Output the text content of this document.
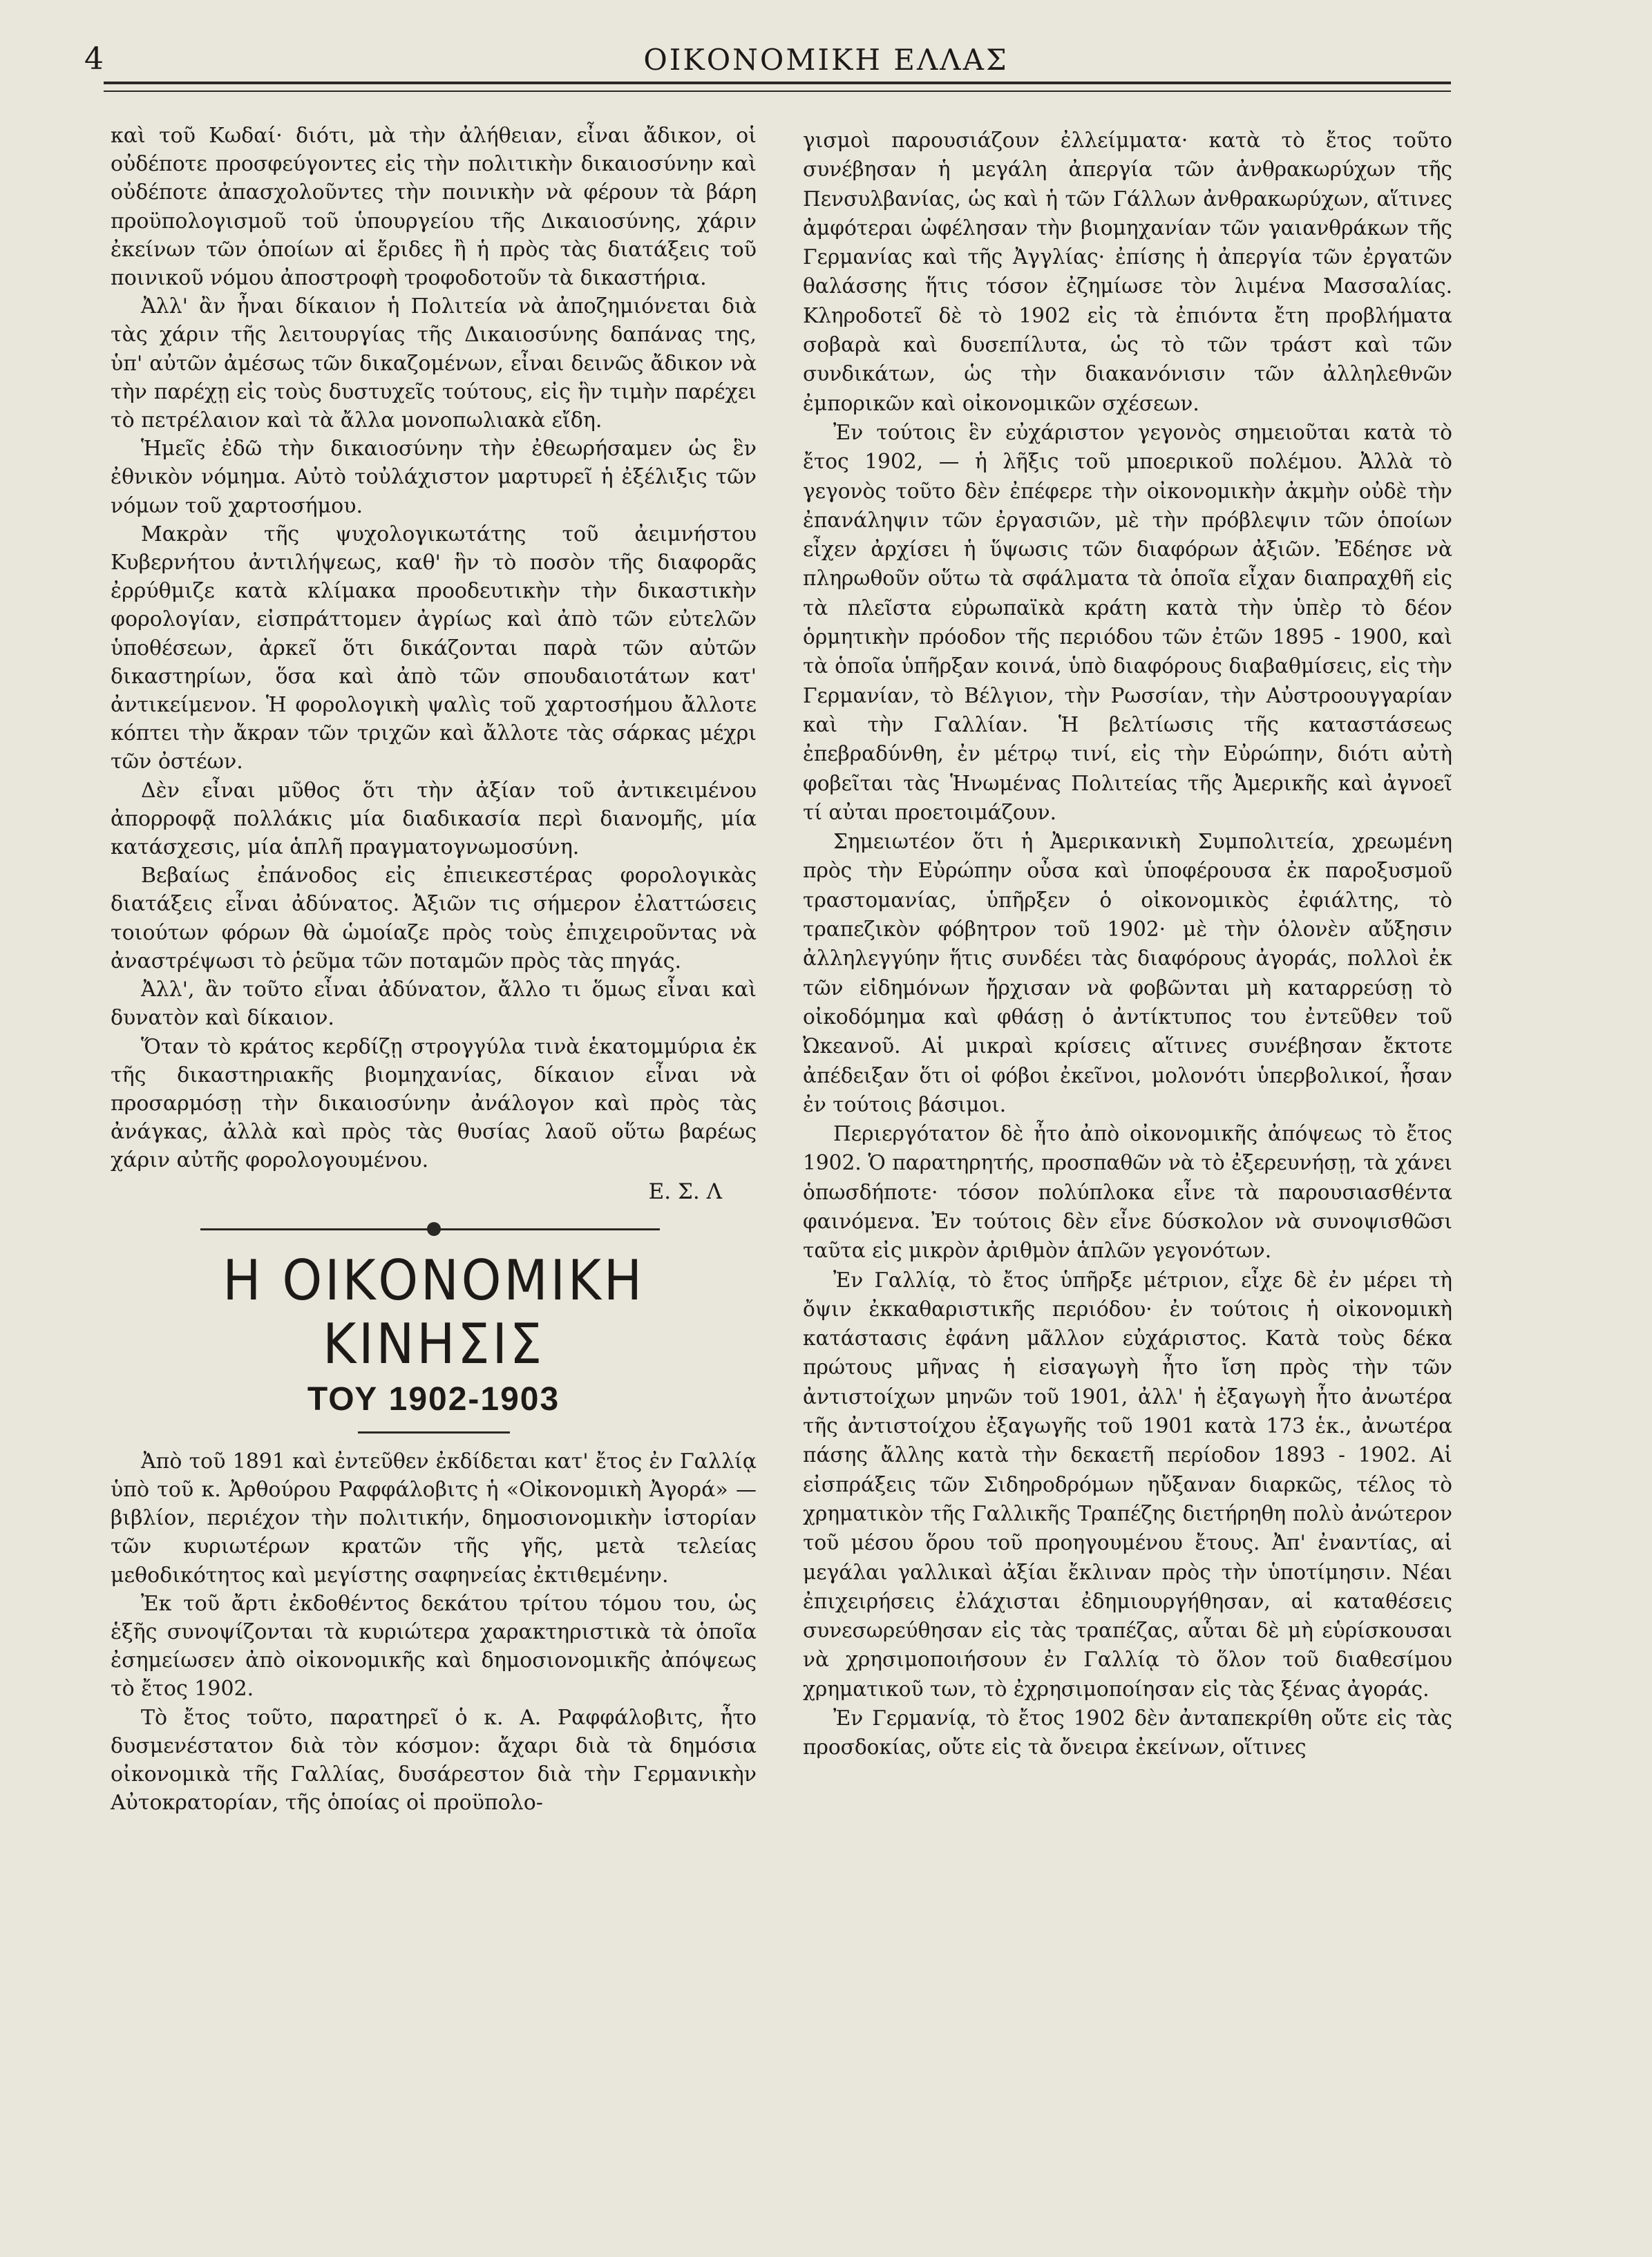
4	ΟΙΚΟΝΟΜΙΚΗ ΕΛΛΑΣ

καὶ τοῦ Κωδαί· διότι, μὰ τὴν ἀλήθειαν, εἶναι ἄδικον, οἱ οὐδέποτε προσφεύγοντες εἰς τὴν πολιτικὴν δικαιοσύνην καὶ οὐδέποτε ἀπασχολοῦντες τὴν ποινικὴν νὰ φέρουν τὰ βάρη προϋπολογισμοῦ τοῦ ὑπουργείου τῆς Δικαιοσύνης, χάριν ἐκείνων τῶν ὁποίων αἱ ἔριδες ἢ ἡ πρὸς τὰς διατάξεις τοῦ ποινικοῦ νόμου ἀποστροφὴ τροφοδοτοῦν τὰ δικαστήρια.

Ἀλλ' ἂν ἦναι δίκαιον ἡ Πολιτεία νὰ ἀποζημιόνεται διὰ τὰς χάριν τῆς λειτουργίας τῆς Δικαιοσύνης δαπάνας της, ὑπ' αὐτῶν ἀμέσως τῶν δικαζομένων, εἶναι δεινῶς ἄδικον νὰ τὴν παρέχῃ εἰς τοὺς δυστυχεῖς τούτους, εἰς ἣν τιμὴν παρέχει τὸ πετρέλαιον καὶ τὰ ἄλλα μονοπωλιακὰ εἴδη.

Ἡμεῖς ἐδῶ τὴν δικαιοσύνην τὴν ἐθεωρήσαμεν ὡς ἓν ἐθνικὸν νόμημα. Αὐτὸ τοὐλάχιστον μαρτυρεῖ ἡ ἐξέλιξις τῶν νόμων τοῦ χαρτοσήμου.

Μακρὰν τῆς ψυχολογικωτάτης τοῦ ἀειμνήστου Κυβερνήτου ἀντιλήψεως, καθ' ἣν τὸ ποσὸν τῆς διαφορᾶς ἐρρύθμιζε κατὰ κλίμακα προοδευτικὴν τὴν δικαστικὴν φορολογίαν, εἰσπράττομεν ἀγρίως καὶ ἀπὸ τῶν εὐτελῶν ὑποθέσεων, ἀρκεῖ ὅτι δικάζονται παρὰ τῶν αὐτῶν δικαστηρίων, ὅσα καὶ ἀπὸ τῶν σπουδαιοτάτων κατ' ἀντικείμενον. Ἡ φορολογικὴ ψαλὶς τοῦ χαρτοσήμου ἄλλοτε κόπτει τὴν ἄκραν τῶν τριχῶν καὶ ἄλλοτε τὰς σάρκας μέχρι τῶν ὀστέων.

Δὲν εἶναι μῦθος ὅτι τὴν ἀξίαν τοῦ ἀντικειμένου ἀπορροφᾷ πολλάκις μία διαδικασία περὶ διανομῆς, μία κατάσχεσις, μία ἁπλῆ πραγματογνωμοσύνη.

Βεβαίως ἐπάνοδος εἰς ἐπιεικεστέρας φορολογικὰς διατάξεις εἶναι ἀδύνατος. Ἀξιῶν τις σήμερον ἐλαττώσεις τοιούτων φόρων θὰ ὡμοίαζε πρὸς τοὺς ἐπιχειροῦντας νὰ ἀναστρέψωσι τὸ ῥεῦμα τῶν ποταμῶν πρὸς τὰς πηγάς.

Ἀλλ', ἂν τοῦτο εἶναι ἀδύνατον, ἄλλο τι ὅμως εἶναι καὶ δυνατὸν καὶ δίκαιον.

Ὅταν τὸ κράτος κερδίζῃ στρογγύλα τινὰ ἑκατομμύρια ἐκ τῆς δικαστηριακῆς βιομηχανίας, δίκαιον εἶναι νὰ προσαρμόσῃ τὴν δικαιοσύνην ἀνάλογον καὶ πρὸς τὰς ἀνάγκας, ἀλλὰ καὶ πρὸς τὰς θυσίας λαοῦ οὕτω βαρέως χάριν αὐτῆς φορολογουμένου.

Ε. Σ. Λ
Η ΟΙΚΟΝΟΜΙΚΗ ΚΙΝΗΣΙΣ
ΤΟΥ 1902-1903

Ἀπὸ τοῦ 1891 καὶ ἐντεῦθεν ἐκδίδεται κατ' ἔτος ἐν Γαλλίᾳ ὑπὸ τοῦ κ. Ἀρθούρου Ραφφάλοβιτς ἡ «Οἰκονομικὴ Ἀγορά» — βιβλίον, περιέχον τὴν πολιτικήν, δημοσιονομικὴν ἱστορίαν τῶν κυριωτέρων κρατῶν τῆς γῆς, μετὰ τελείας μεθοδικότητος καὶ μεγίστης σαφηνείας ἐκτιθεμένην.

Ἐκ τοῦ ἄρτι ἐκδοθέντος δεκάτου τρίτου τόμου του, ὡς ἑξῆς συνοψίζονται τὰ κυριώτερα χαρακτηριστικὰ τὰ ὁποῖα ἐσημείωσεν ἀπὸ οἰκονομικῆς καὶ δημοσιονομικῆς ἀπόψεως τὸ ἔτος 1902.

Τὸ ἔτος τοῦτο, παρατηρεῖ ὁ κ. Α. Ραφφάλοβιτς, ἦτο δυσμενέστατον διὰ τὸν κόσμον: ἄχαρι διὰ τὰ δημόσια οἰκονομικὰ τῆς Γαλλίας, δυσάρεστον διὰ τὴν Γερμανικὴν Αὐτοκρατορίαν, τῆς ὁποίας οἱ προϋπολο-

γισμοὶ παρουσιάζουν ἐλλείμματα· κατὰ τὸ ἔτος τοῦτο συνέβησαν ἡ μεγάλη ἀπεργία τῶν ἀνθρακωρύχων τῆς Πενσυλβανίας, ὡς καὶ ἡ τῶν Γάλλων ἀνθρακωρύχων, αἵτινες ἀμφότεραι ὠφέλησαν τὴν βιομηχανίαν τῶν γαιανθράκων τῆς Γερμανίας καὶ τῆς Ἀγγλίας· ἐπίσης ἡ ἀπεργία τῶν ἐργατῶν θαλάσσης ἥτις τόσον ἐζημίωσε τὸν λιμένα Μασσαλίας. Κληροδοτεῖ δὲ τὸ 1902 εἰς τὰ ἐπιόντα ἔτη προβλήματα σοβαρὰ καὶ δυσεπίλυτα, ὡς τὸ τῶν τράστ καὶ τῶν συνδικάτων, ὡς τὴν διακανόνισιν τῶν ἀλληλεθνῶν ἐμπορικῶν καὶ οἰκονομικῶν σχέσεων.

Ἐν τούτοις ἓν εὐχάριστον γεγονὸς σημειοῦται κατὰ τὸ ἔτος 1902, — ἡ λῆξις τοῦ μποερικοῦ πολέμου. Ἀλλὰ τὸ γεγονὸς τοῦτο δὲν ἐπέφερε τὴν οἰκονομικὴν ἀκμὴν οὐδὲ τὴν ἐπανάληψιν τῶν ἐργασιῶν, μὲ τὴν πρόβλεψιν τῶν ὁποίων εἶχεν ἀρχίσει ἡ ὕψωσις τῶν διαφόρων ἀξιῶν. Ἐδέησε νὰ πληρωθοῦν οὕτω τὰ σφάλματα τὰ ὁποῖα εἶχαν διαπραχθῆ εἰς τὰ πλεῖστα εὐρωπαϊκὰ κράτη κατὰ τὴν ὑπὲρ τὸ δέον ὁρμητικὴν πρόοδον τῆς περιόδου τῶν ἐτῶν 1895 - 1900, καὶ τὰ ὁποῖα ὑπῆρξαν κοινά, ὑπὸ διαφόρους διαβαθμίσεις, εἰς τὴν Γερμανίαν, τὸ Βέλγιον, τὴν Ρωσσίαν, τὴν Αὐστροουγγαρίαν καὶ τὴν Γαλλίαν. Ἡ βελτίωσις τῆς καταστάσεως ἐπεβραδύνθη, ἐν μέτρῳ τινί, εἰς τὴν Εὐρώπην, διότι αὐτὴ φοβεῖται τὰς Ἡνωμένας Πολιτείας τῆς Ἀμερικῆς καὶ ἀγνοεῖ τί αὐται προετοιμάζουν.

Σημειωτέον ὅτι ἡ Ἀμερικανικὴ Συμπολιτεία, χρεωμένη πρὸς τὴν Εὐρώπην οὖσα καὶ ὑποφέρουσα ἐκ παροξυσμοῦ τραστομανίας, ὑπῆρξεν ὁ οἰκονομικὸς ἐφιάλτης, τὸ τραπεζικὸν φόβητρον τοῦ 1902· μὲ τὴν ὁλονὲν αὔξησιν ἀλληλεγγύην ἥτις συνδέει τὰς διαφόρους ἀγοράς, πολλοὶ ἐκ τῶν εἰδημόνων ἤρχισαν νὰ φοβῶνται μὴ καταρρεύσῃ τὸ οἰκοδόμημα καὶ φθάσῃ ὁ ἀντίκτυπος του ἐντεῦθεν τοῦ Ὠκεανοῦ. Αἱ μικραὶ κρίσεις αἵτινες συνέβησαν ἔκτοτε ἀπέδειξαν ὅτι οἱ φόβοι ἐκεῖνοι, μολονότι ὑπερβολικοί, ἦσαν ἐν τούτοις βάσιμοι.

Περιεργότατον δὲ ἦτο ἀπὸ οἰκονομικῆς ἀπόψεως τὸ ἔτος 1902. Ὁ παρατηρητής, προσπαθῶν νὰ τὸ ἐξερευνήσῃ, τὰ χάνει ὁπωσδήποτε· τόσον πολύπλοκα εἶνε τὰ παρουσιασθέντα φαινόμενα. Ἐν τούτοις δὲν εἶνε δύσκολον νὰ συνοψισθῶσι ταῦτα εἰς μικρὸν ἀριθμὸν ἁπλῶν γεγονότων.

Ἐν Γαλλίᾳ, τὸ ἔτος ὑπῆρξε μέτριον, εἶχε δὲ ἐν μέρει τὴ ὄψιν ἐκκαθαριστικῆς περιόδου· ἐν τούτοις ἡ οἰκονομικὴ κατάστασις ἐφάνη μᾶλλον εὐχάριστος. Κατὰ τοὺς δέκα πρώτους μῆνας ἡ εἰσαγωγὴ ἦτο ἴση πρὸς τὴν τῶν ἀντιστοίχων μηνῶν τοῦ 1901, ἀλλ' ἡ ἐξαγωγὴ ἦτο ἀνωτέρα τῆς ἀντιστοίχου ἐξαγωγῆς τοῦ 1901 κατὰ 173 ἑκ., ἀνωτέρα πάσης ἄλλης κατὰ τὴν δεκαετῆ περίοδον 1893 - 1902. Αἱ εἰσπράξεις τῶν Σιδηροδρόμων ηὔξαναν διαρκῶς, τέλος τὸ χρηματικὸν τῆς Γαλλικῆς Τραπέζης διετήρηθη πολὺ ἀνώτερον τοῦ μέσου ὅρου τοῦ προηγουμένου ἔτους. Ἀπ' ἐναντίας, αἱ μεγάλαι γαλλικαὶ ἀξίαι ἔκλιναν πρὸς τὴν ὑποτίμησιν. Νέαι ἐπιχειρήσεις ἐλάχισται ἐδημιουργήθησαν, αἱ καταθέσεις συνεσωρεύθησαν εἰς τὰς τραπέζας, αὗται δὲ μὴ εὑρίσκουσαι νὰ χρησιμοποιήσουν ἐν Γαλλίᾳ τὸ ὅλον τοῦ διαθεσίμου χρηματικοῦ των, τὸ ἐχρησιμοποίησαν εἰς τὰς ξένας ἀγοράς.

Ἐν Γερμανίᾳ, τὸ ἔτος 1902 δὲν ἀνταπεκρίθη οὔτε εἰς τὰς προσδοκίας, οὔτε εἰς τὰ ὄνειρα ἐκείνων, οἵτινες
